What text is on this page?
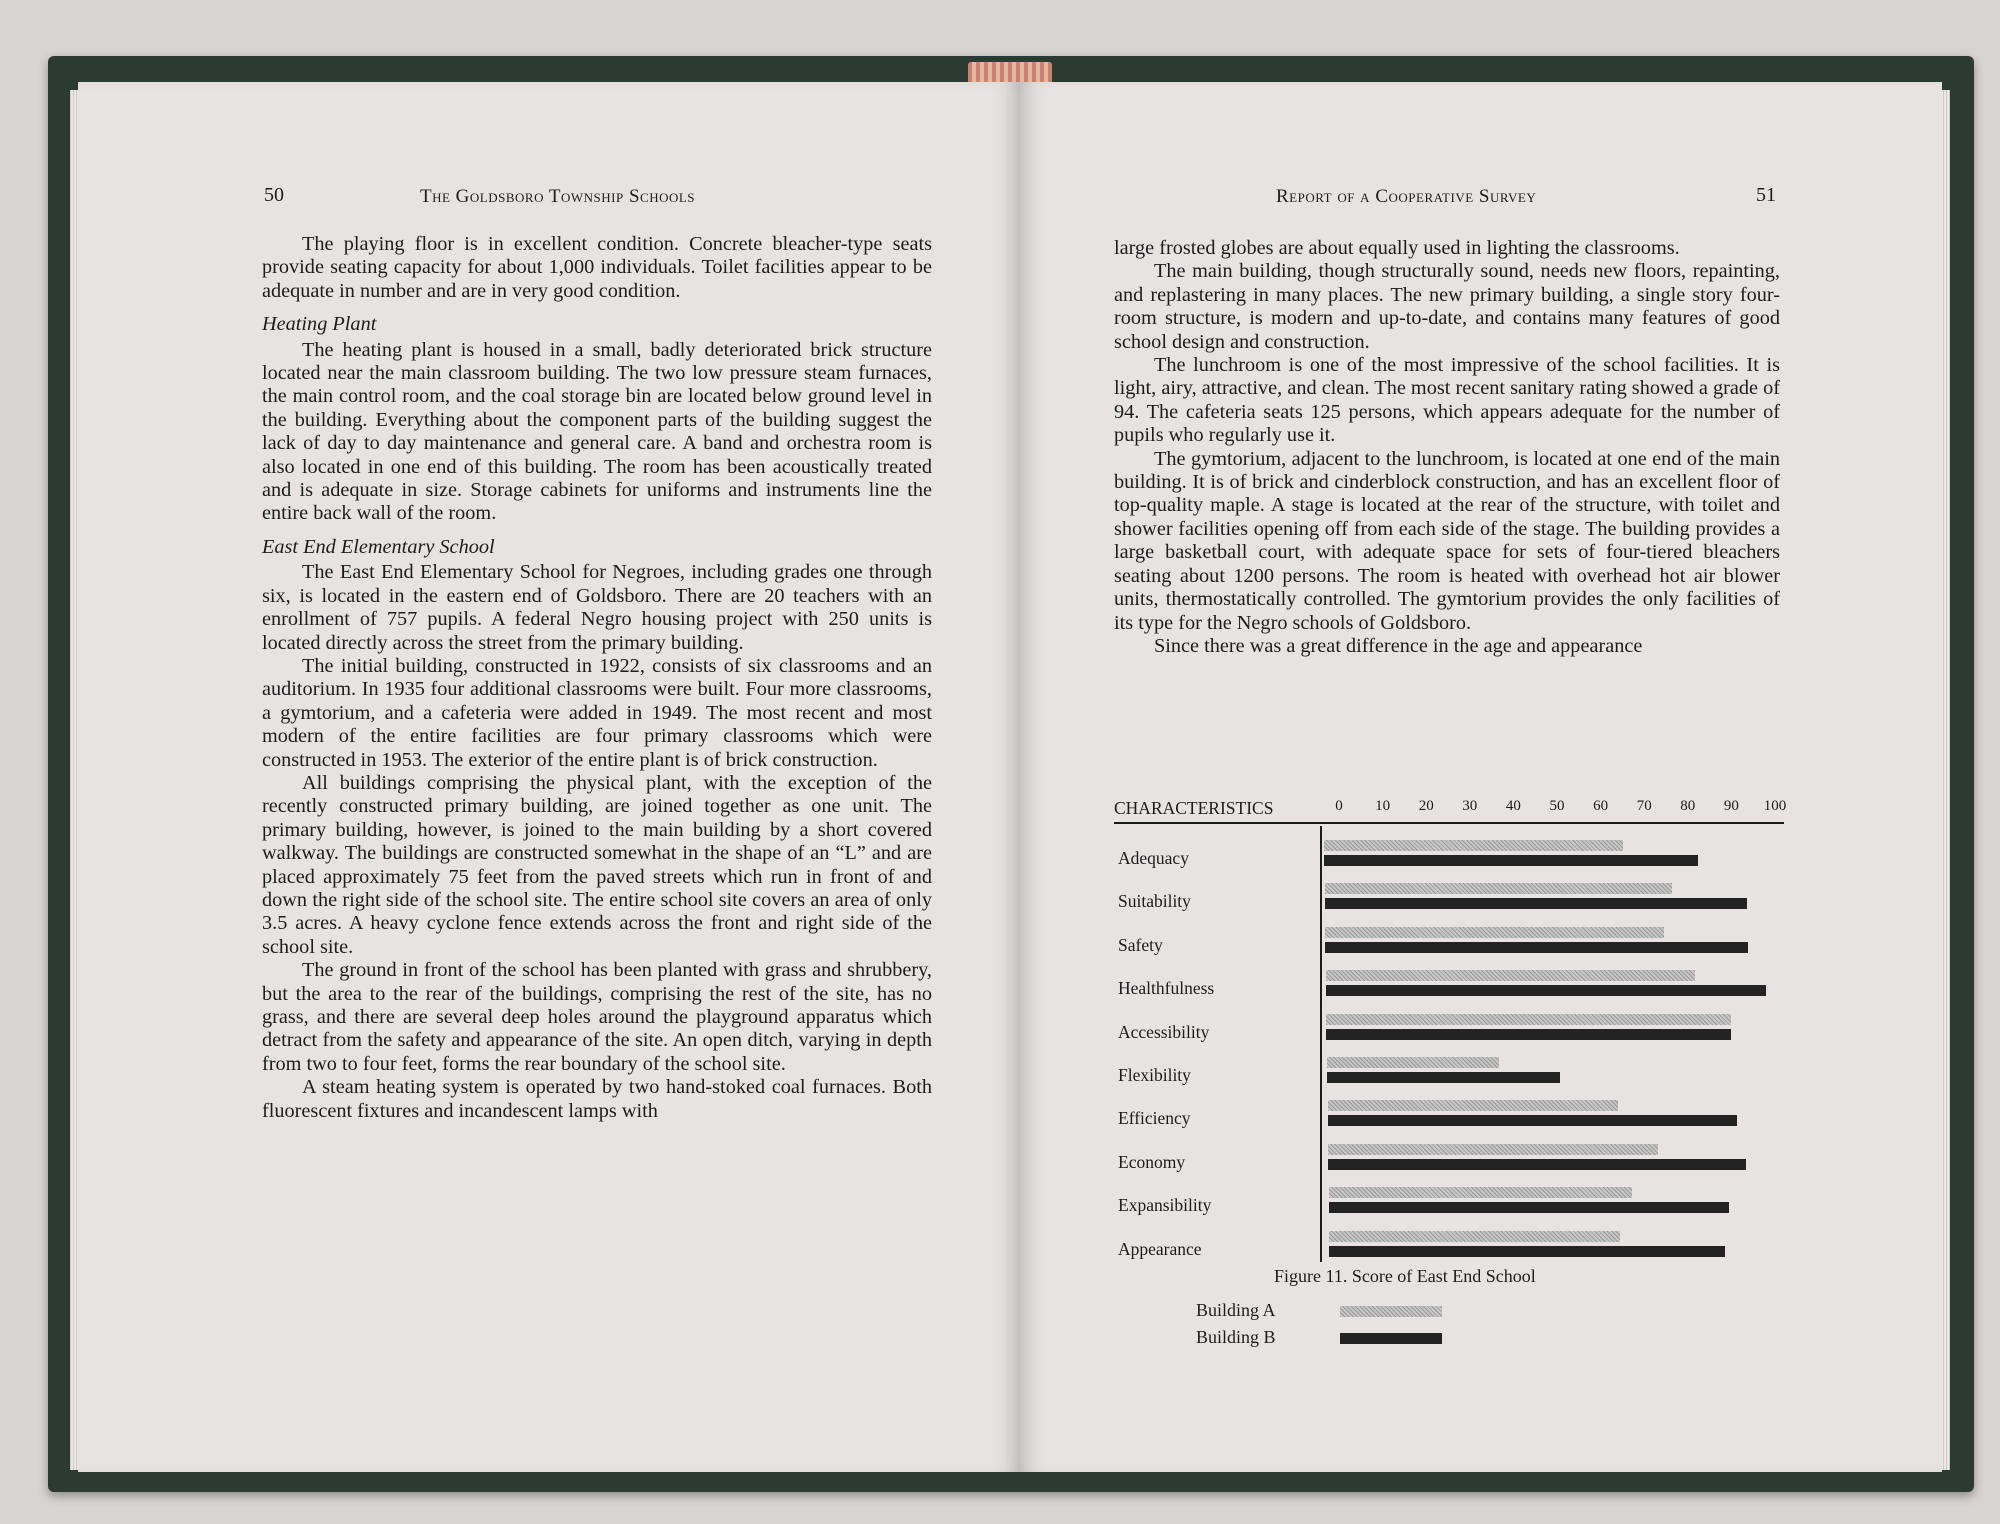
50	The Goldsboro Township Schools	Report of a Cooperative Survey	51

The playing floor is in excellent condition. Concrete bleacher-type seats provide seating capacity for about 1,000 individuals. Toilet facilities appear to be adequate in number and are in very good condition.

Heating Plant

The heating plant is housed in a small, badly deteriorated brick structure located near the main classroom building. The two low pressure steam furnaces, the main control room, and the coal storage bin are located below ground level in the building. Everything about the component parts of the building suggest the lack of day to day maintenance and general care. A band and orchestra room is also located in one end of this building. The room has been acoustically treated and is adequate in size. Storage cabinets for uniforms and instruments line the entire back wall of the room.

East End Elementary School

The East End Elementary School for Negroes, including grades one through six, is located in the eastern end of Goldsboro. There are 20 teachers with an enrollment of 757 pupils. A federal Negro housing project with 250 units is located directly across the street from the primary building.

The initial building, constructed in 1922, consists of six classrooms and an auditorium. In 1935 four additional classrooms were built. Four more classrooms, a gymtorium, and a cafeteria were added in 1949. The most recent and most modern of the entire facilities are four primary classrooms which were constructed in 1953. The exterior of the entire plant is of brick construction.

All buildings comprising the physical plant, with the exception of the recently constructed primary building, are joined together as one unit. The primary building, however, is joined to the main building by a short covered walkway. The buildings are constructed somewhat in the shape of an “L” and are placed approximately 75 feet from the paved streets which run in front of and down the right side of the school site. The entire school site covers an area of only 3.5 acres. A heavy cyclone fence extends across the front and right side of the school site.

The ground in front of the school has been planted with grass and shrubbery, but the area to the rear of the buildings, comprising the rest of the site, has no grass, and there are several deep holes around the playground apparatus which detract from the safety and appearance of the site. An open ditch, varying in depth from two to four feet, forms the rear boundary of the school site.

A steam heating system is operated by two hand-stoked coal furnaces. Both fluorescent fixtures and incandescent lamps with

large frosted globes are about equally used in lighting the classrooms.

The main building, though structurally sound, needs new floors, repainting, and replastering in many places. The new primary building, a single story four-room structure, is modern and up-to-date, and contains many features of good school design and construction.

The lunchroom is one of the most impressive of the school facilities. It is light, airy, attractive, and clean. The most recent sanitary rating showed a grade of 94. The cafeteria seats 125 persons, which appears adequate for the number of pupils who regularly use it.

The gymtorium, adjacent to the lunchroom, is located at one end of the main building. It is of brick and cinderblock construction, and has an excellent floor of top-quality maple. A stage is located at the rear of the structure, with toilet and shower facilities opening off from each side of the stage. The building provides a large basketball court, with adequate space for sets of four-tiered bleachers seating about 1200 persons. The room is heated with overhead hot air blower units, thermostatically controlled. The gymtorium provides the only facilities of its type for the Negro schools of Goldsboro.

Since there was a great difference in the age and appearance

CHARACTERISTICS
Figure 11. Score of East End School
0 10 20 30 40 50 60 70 80 90 100
Adequacy
Suitability
Safety
Healthfulness
Accessibility
Flexibility
Efficiency
Economy
Expansibility
Appearance
Building A
Building B
